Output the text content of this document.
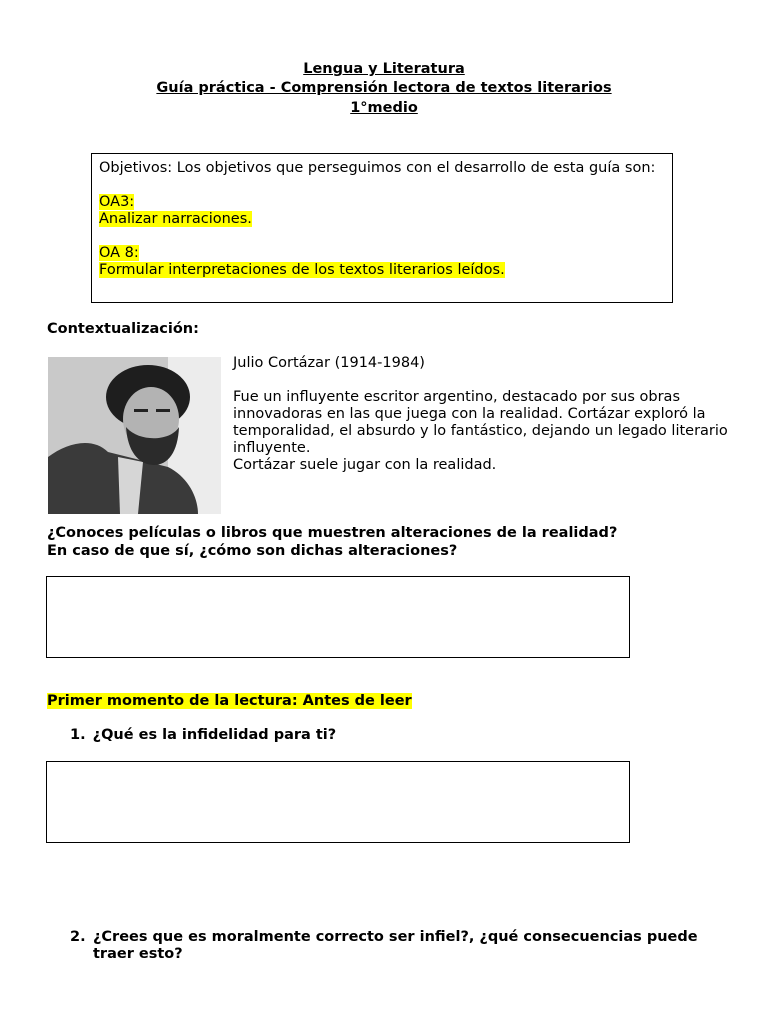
Lengua y Literatura
Guía práctica - Comprensión lectora de textos literarios
1°medio

Objetivos: Los objetivos que perseguimos con el desarrollo de esta guía son:

OA3:

Analizar narraciones.

OA 8:

Formular interpretaciones de los textos literarios leídos.

Contextualización:

Julio Cortázar (1914-1984)

Fue un influyente escritor argentino, destacado por sus obras innovadoras en las que juega con la realidad. Cortázar exploró la temporalidad, el absurdo y lo fantástico, dejando un legado literario influyente.

Cortázar suele jugar con la realidad.

¿Conoces películas o libros que muestren alteraciones de la realidad?
En caso de que sí, ¿cómo son dichas alteraciones?
Primer momento de la lectura: Antes de leer
1. ¿Qué es la infidelidad para ti?
2. ¿Crees que es moralmente correcto ser infiel?, ¿qué consecuencias puede traer esto?
